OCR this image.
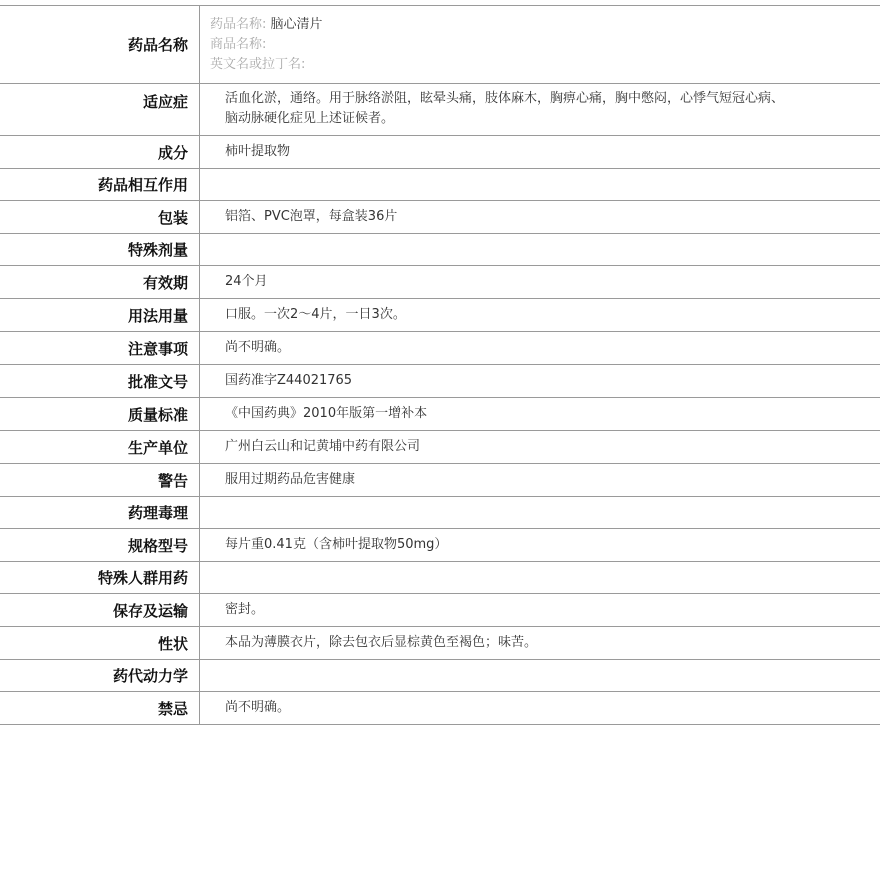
药品名称
药品名称: 脑心清片
商品名称:
英文名或拉丁名:
适应症	活血化淤，通络。用于脉络淤阻，眩晕头痛，肢体麻木，胸痹心痛，胸中憋闷，心悸气短冠心病、脑动脉硬化症见上述证候者。
成分	柿叶提取物
药品相互作用
包装	铝箔、PVC泡罩，每盒装36片
特殊剂量
有效期	24个月
用法用量	口服。一次2～4片，一日3次。
注意事项	尚不明确。
批准文号	国药准字Z44021765
质量标准	《中国药典》2010年版第一增补本
生产单位	广州白云山和记黄埔中药有限公司
警告	服用过期药品危害健康
药理毒理
规格型号	每片重0.41克（含柿叶提取物50mg）
特殊人群用药
保存及运输	密封。
性状	本品为薄膜衣片，除去包衣后显棕黄色至褐色；味苦。
药代动力学
禁忌	尚不明确。
